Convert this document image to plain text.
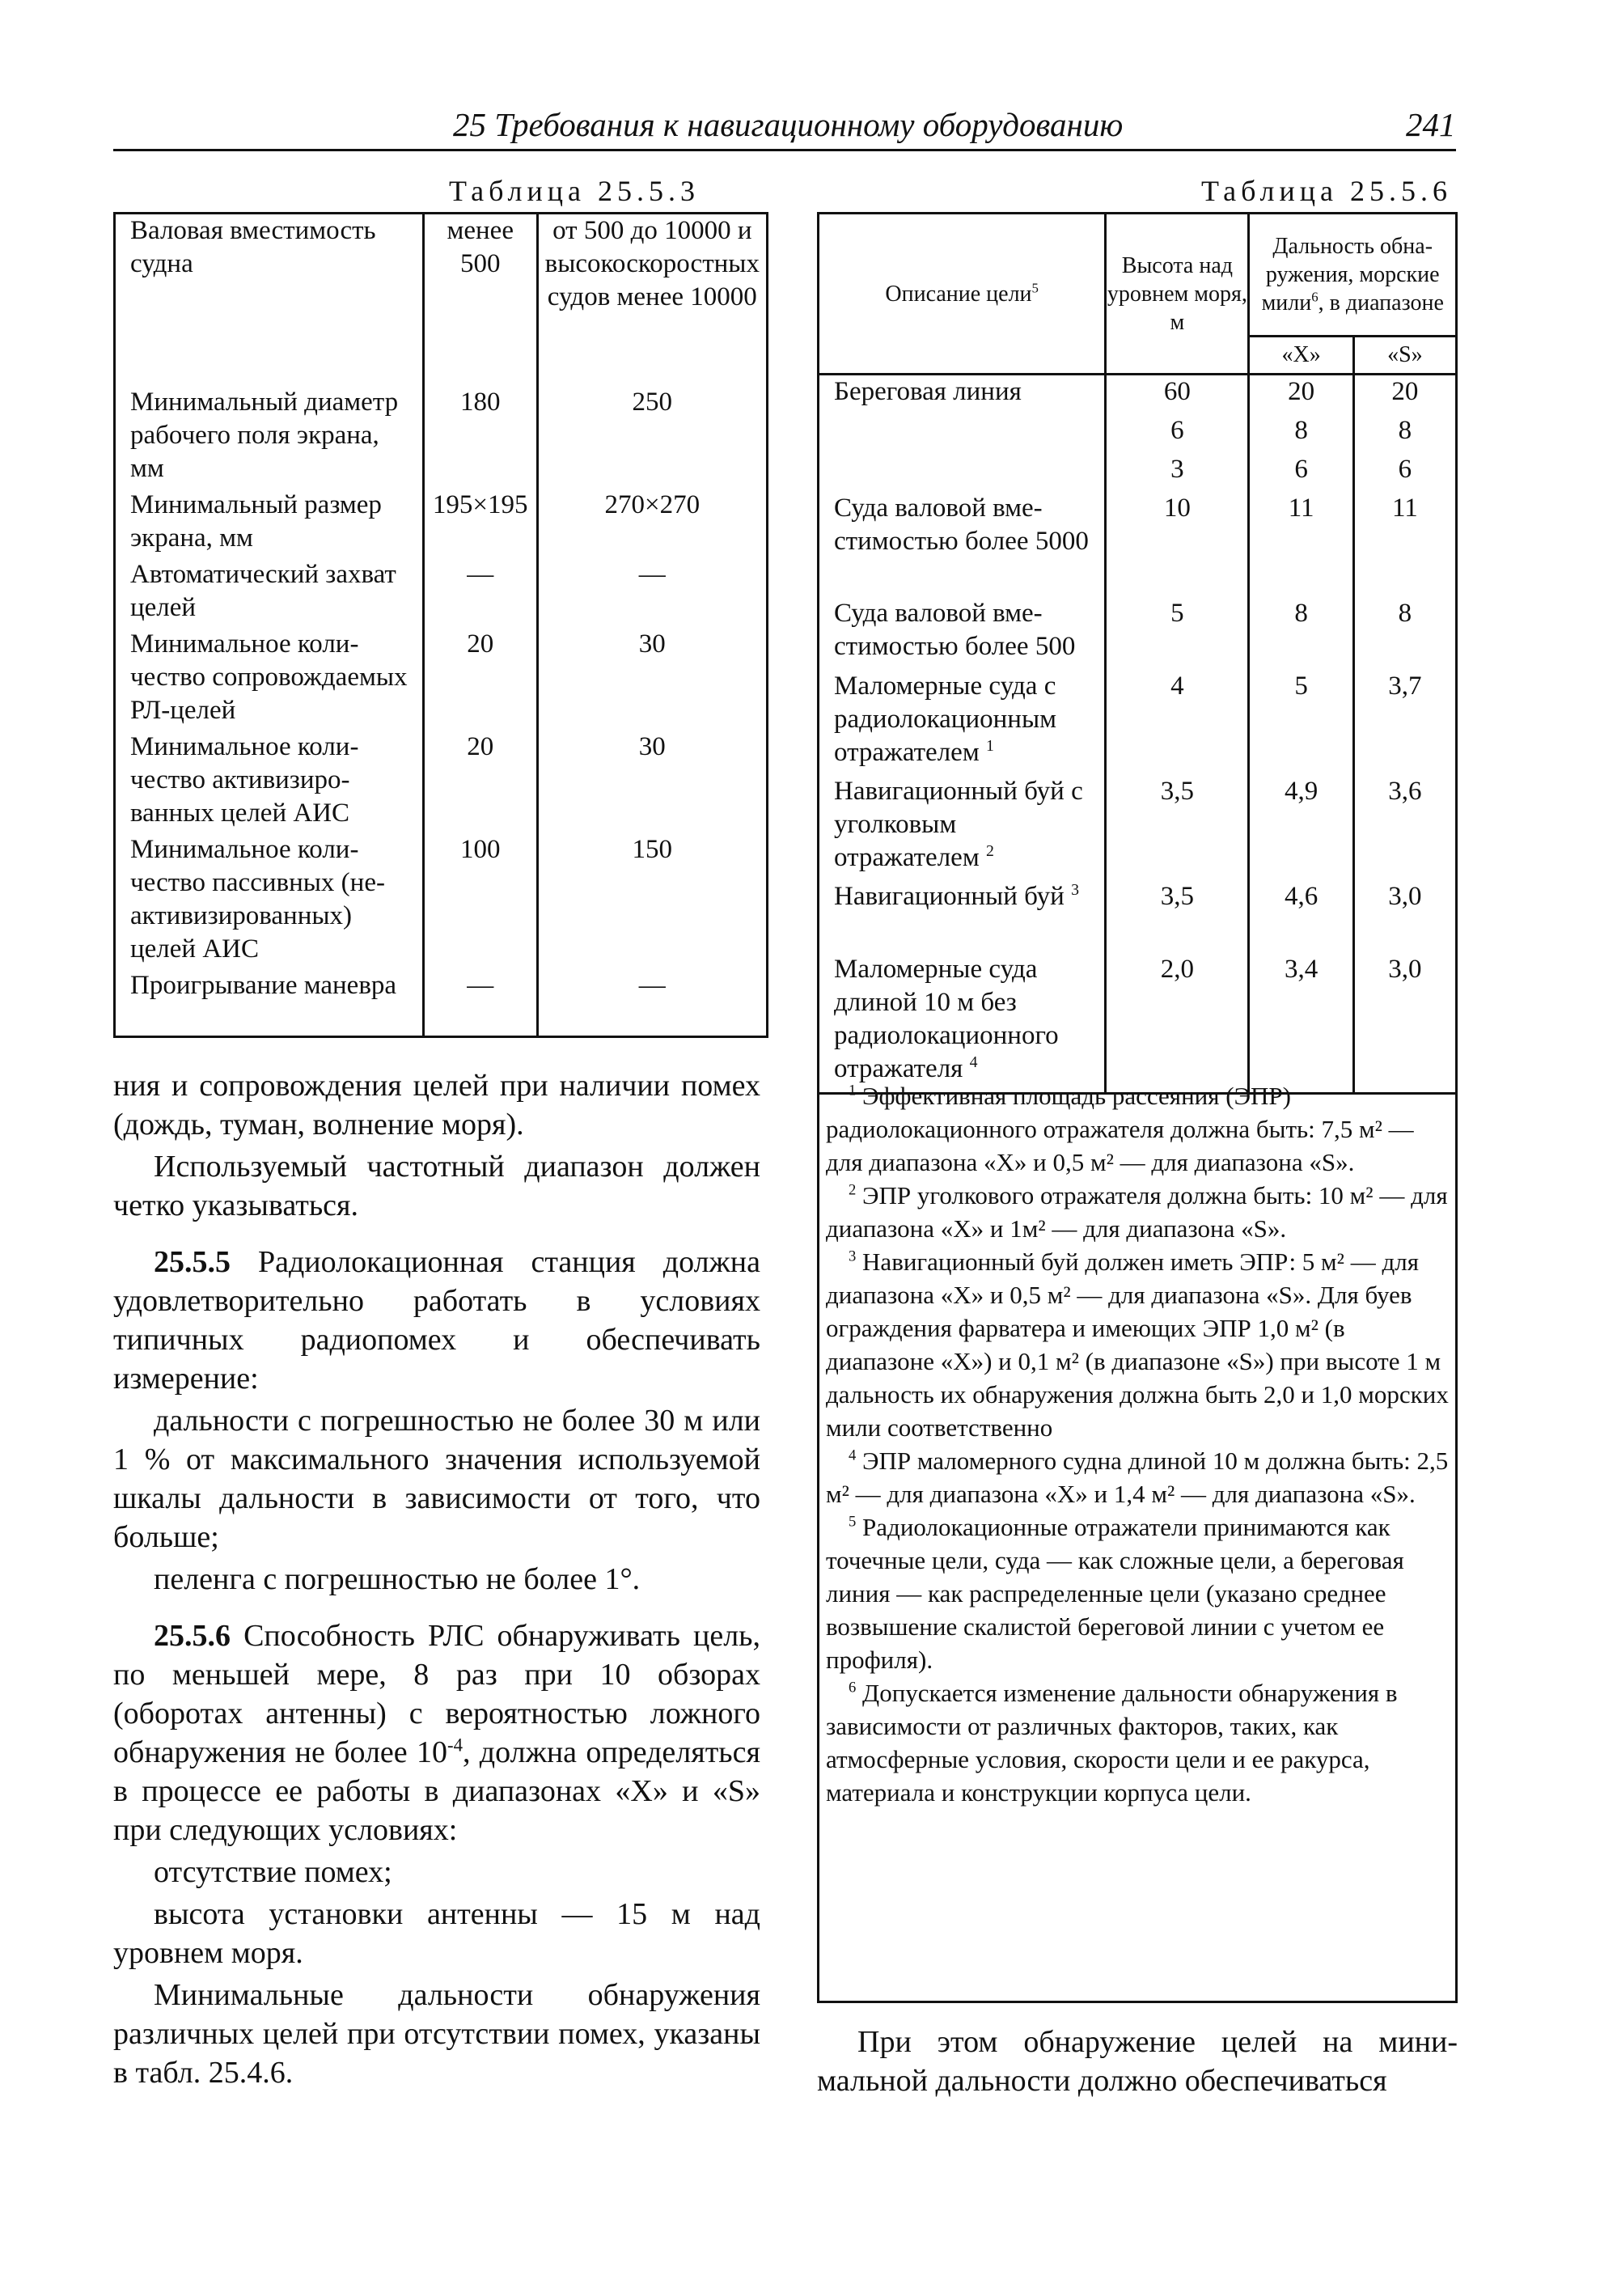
25 Требования к навигационному оборудованию	241
Таблица 25.5.3
Валовая вместимость судна	менее 500	от 500 до 10000 и высокоскоростных судов менее 10000
Минимальный диаметр рабочего поля экрана, мм	180	250
Минимальный размер экрана, мм	195×195	270×270
Автоматический захват целей	—	—
Минимальное количество сопровождаемых РЛ-целей	20	30
Минимальное количество активизированных целей АИС	20	30
Минимальное количество пассивных (неактивизированных) целей АИС	100	150
Проигрывание маневра	—	—
Таблица 25.5.6
Описание цели$^5$	Высота над уровнем моря, м	Дальность обнаружения, морские мили$^6$, в диапазоне	
		«X»	«S»
Береговая линия	60	20	20
	6	8	8
	3	6	6
Суда валовой вместимостью более 5000	10	11	11
Суда валовой вместимостью более 500	5	8	8
Маломерные суда с радиолокационным отражателем $^1$	4	5	3,7
Навигационный буй с уголковым отражателем $^2$	3,5	4,9	3,6
Навигационный буй $^3$	3,5	4,6	3,0
Маломерные суда длиной 10 м без радиолокационного отражателя $^4$	2,0	3,4	3,0
$^1$ Эффективная площадь рассеяния (ЭПР) радиолокационного отражателя должна быть: 7,5 м² — для диапазона «X» и 0,5 м² — для диапазона «S».
$^2$ ЭПР уголкового отражателя должна быть: 10 м² — для диапазона «X» и 1м² — для диапазона «S».
$^3$ Навигационный буй должен иметь ЭПР: 5 м² — для диапазона «X» и 0,5 м² — для диапазона «S». Для буев ограждения фарватера и имеющих ЭПР 1,0 м² (в диапазоне «X») и 0,1 м² (в диапазоне «S») при высоте 1 м дальность их обнаружения должна быть 2,0 и 1,0 морских мили соответственно
$^4$ ЭПР маломерного судна длиной 10 м должна быть: 2,5 м² — для диапазона «X» и 1,4 м² — для диапазона «S».
$^5$ Радиолокационные отражатели принимаются как точечные цели, суда — как сложные цели, а береговая линия — как распределенные цели (указано среднее возвышение скалистой береговой линии с учетом ее профиля).
$^6$ Допускается изменение дальности обнаружения в зависимости от различных факторов, таких, как атмосферные условия, скорости цели и ее ракурса, материала и конструкции корпуса цели.
ния и сопровождения целей при наличии помех (дождь, туман, волнение моря).
Используемый частотный диапазон должен четко указываться.
25.5.5 Радиолокационная станция должна удовлетворительно работать в условиях типичных радиопомех и обеспечивать измерение:
дальности с погрешностью не более 30 м или 1 % от максимального значения используемой шкалы дальности в зависимости от того, что больше;
пеленга с погрешностью не более 1°.
25.5.6 Способность РЛС обнаруживать цель, по меньшей мере, 8 раз при 10 обзорах (оборотах антенны) с вероятностью ложного обнаружения не более $10^{-4}$, должна определяться в процессе ее работы в диапазонах «X» и «S» при следующих условиях:
отсутствие помех;
высота установки антенны — 15 м над уровнем моря.
Минимальные дальности обнаружения различных целей при отсутствии помех, указаны в табл. 25.4.6.
При этом обнаружение целей на минимальной дальности должно обеспечиваться
